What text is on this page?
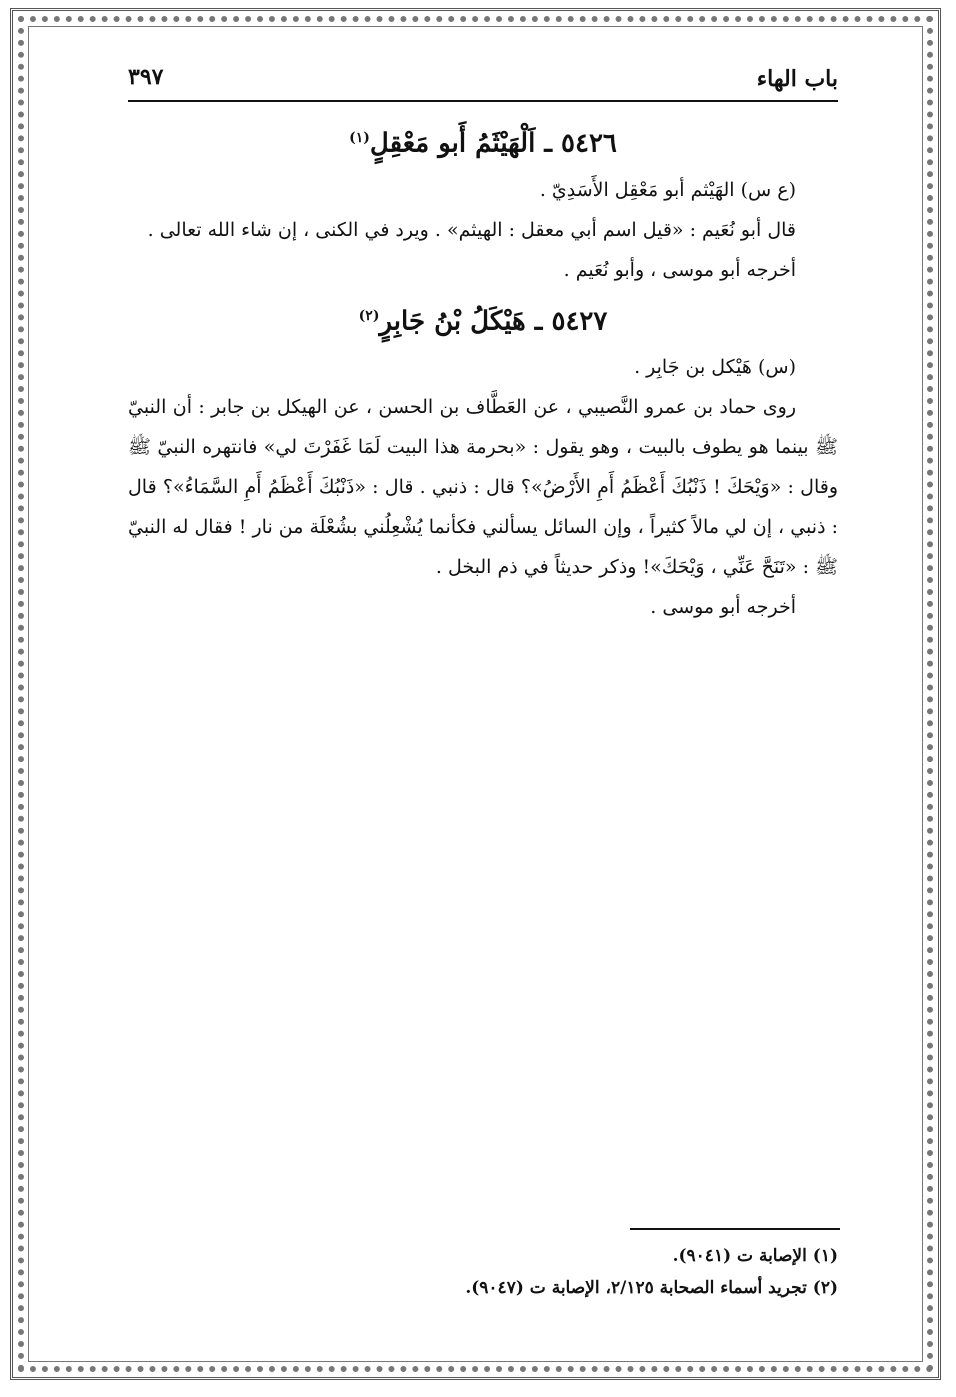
باب الهاء
٣٩٧
٥٤٢٦ ـ اَلْهَيْثَمُ أَبو مَعْقِلٍ$^{(١)}$
(ع س) الهَيْثم أبو مَعْقِل الأَسَدِيّ .
قال أبو نُعَيم : «قيل اسم أبي معقل : الهيثم» . ويرد في الكنى ، إن شاء الله تعالى .
أخرجه أبو موسى ، وأبو نُعَيم .
٥٤٢٧ ـ هَيْكَلُ بْنُ جَابِرٍ$^{(٢)}$
(س) هَيْكل بن جَابِر .
روى حماد بن عمرو النَّصيبي ، عن العَطَّاف بن الحسن ، عن الهيكل بن جابر : أن النبيّ ﷺ بينما هو يطوف بالبيت ، وهو يقول : «بحرمة هذا البيت لَمَا غَفَرْتَ لي» فانتهره النبيّ ﷺ وقال : «وَيْحَكَ ! ذَنْبُكَ أَعْظَمُ أَمِ الأَرْضُ»؟ قال : ذنبي . قال : «ذَنْبُكَ أَعْظَمُ أَمِ السَّمَاءُ»؟ قال : ذنبي ، إن لي مالاً كثيراً ، وإن السائل يسألني فكأنما يُشْعِلُني بشُعْلَة من نار ! فقال له النبيّ ﷺ : «تَنَحَّ عَنِّي ، وَيْحَكَ»! وذكر حديثاً في ذم البخل .
أخرجه أبو موسى .
(١) الإصابة ت (٩٠٤١).
(٢) تجريد أسماء الصحابة ٢/١٢٥، الإصابة ت (٩٠٤٧).
